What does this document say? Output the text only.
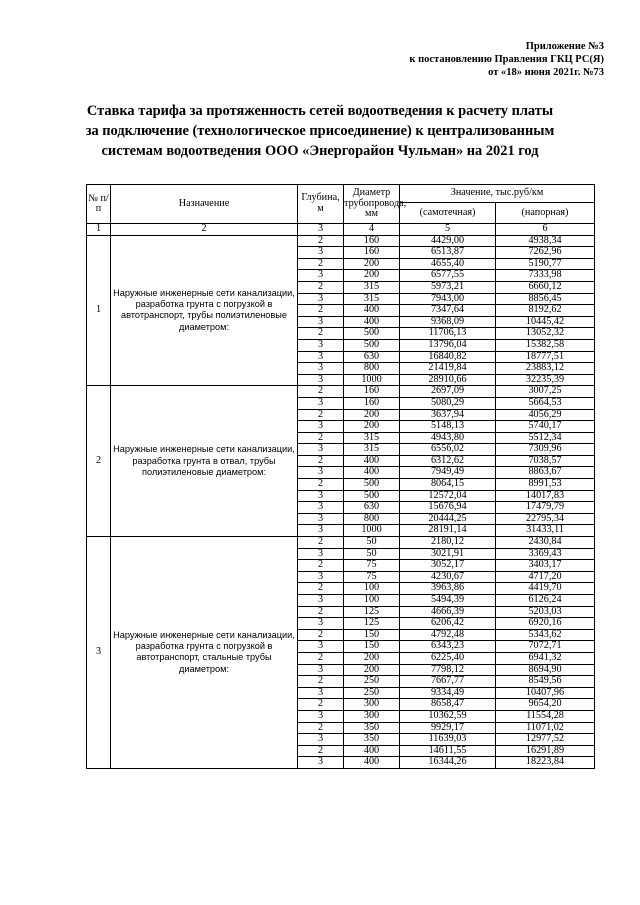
Приложение №3
к постановлению Правления ГКЦ РС(Я)
от «18» июня 2021г. №73
Ставка тарифа за протяженность сетей водоотведения к расчету платы
за подключение (технологическое присоединение) к централизованным
системам водоотведения ООО «Энергорайон Чульман» на 2021 год
№ п/п	Назначение	Глубина, м	Диаметр трубопровода, мм	Значение, тыс.руб/км	
				(самотечная)	(напорная)
1	2	3	4	5	6
1	Наружные инженерные сети канализации, разработка грунта с погрузкой в автотранспорт, трубы полиэтиленовые диаметром:	2	160	4429,00	4938,34
		3	160	6513,87	7262,96
		2	200	4655,40	5190,77
		3	200	6577,55	7333,98
		2	315	5973,21	6660,12
		3	315	7943,00	8856,45
		2	400	7347,64	8192,62
		3	400	9368,09	10445,42
		2	500	11706,13	13052,32
		3	500	13796,04	15382,58
		3	630	16840,82	18777,51
		3	800	21419,84	23883,12
		3	1000	28910,66	32235,39
2	Наружные инженерные сети канализации, разработка грунта в отвал, трубы полиэтиленовые диаметром:	2	160	2697,09	3007,25
		3	160	5080,29	5664,53
		2	200	3637,94	4056,29
		3	200	5148,13	5740,17
		2	315	4943,80	5512,34
		3	315	6556,02	7309,96
		2	400	6312,62	7038,57
		3	400	7949,49	8863,67
		2	500	8064,15	8991,53
		3	500	12572,04	14017,83
		3	630	15676,94	17479,79
		3	800	20444,25	22795,34
		3	1000	28191,14	31433,11
3	Наружные инженерные сети канализации, разработка грунта с погрузкой в автотранспорт, стальные трубы диаметром:	2	50	2180,12	2430,84
		3	50	3021,91	3369,43
		2	75	3052,17	3403,17
		3	75	4230,67	4717,20
		2	100	3963,86	4419,70
		3	100	5494,39	6126,24
		2	125	4666,39	5203,03
		3	125	6206,42	6920,16
		2	150	4792,48	5343,62
		3	150	6343,23	7072,71
		2	200	6225,40	6941,32
		3	200	7798,12	8694,90
		2	250	7667,77	8549,56
		3	250	9334,49	10407,96
		2	300	8658,47	9654,20
		3	300	10362,59	11554,28
		2	350	9929,17	11071,02
		3	350	11639,03	12977,52
		2	400	14611,55	16291,89
		3	400	16344,26	18223,84
